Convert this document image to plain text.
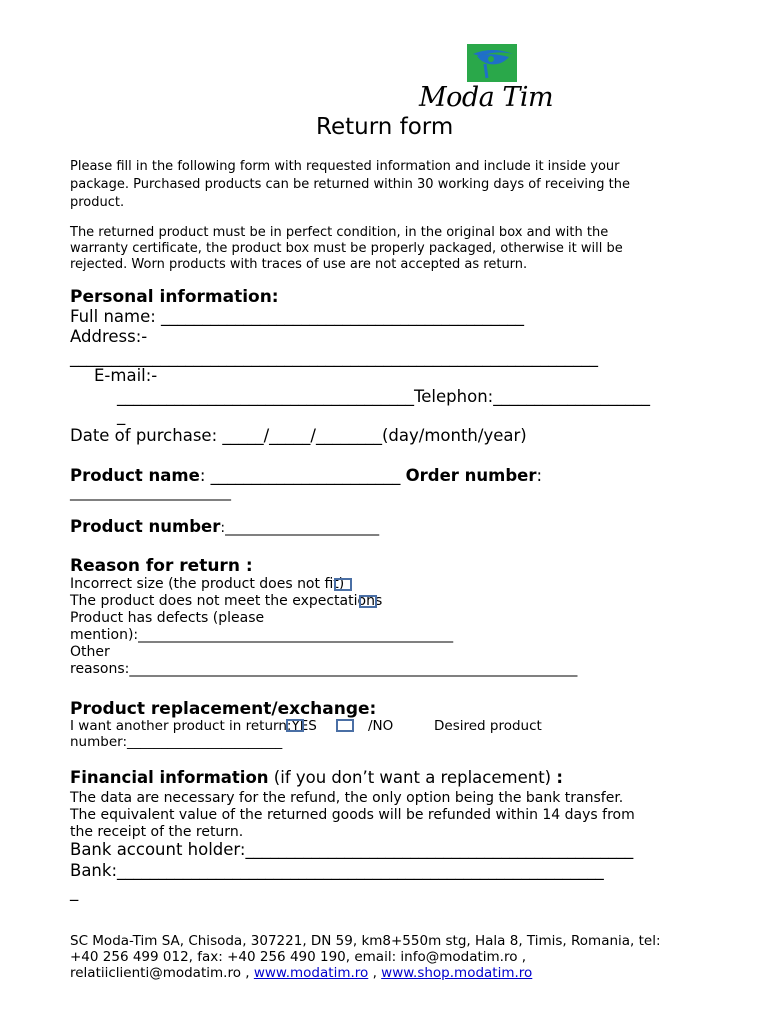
Moda Tim
Return form
Please fill in the following form with requested information and include it inside your
package. Purchased products can be returned within 30 working days of receiving the
product.
The returned product must be in perfect condition, in the original box and with the
warranty certificate, the product box must be properly packaged, otherwise it will be
rejected. Worn products with traces of use are not accepted as return.
Personal information:
Full name: ____________________________________________
Address:-
________________________________________________________________
E-mail:-
____________________________________Telephon:___________________
_
Date of purchase: _____/_____/________(day/month/year)
Product name: _______________________ Order number:
_______________________
Product number:______________________
Reason for return :
Incorrect size (the product does not fit)
The product does not meet the expectations
Product has defects (please
mention):_____________________________________________
Other
reasons:________________________________________________________________
Product replacement/exchange:
I want another product in return:YES	/NO	Desired product
number:_______________________
Financial information (if you don’t want a replacement) :
The data are necessary for the refund, the only option being the bank transfer.
The equivalent value of the returned goods will be refunded within 14 days from
the receipt of the return.
Bank account holder:_______________________________________________
Bank:___________________________________________________________
_
SC Moda-Tim SA, Chisoda, 307221, DN 59, km8+550m stg, Hala 8, Timis, Romania, tel:
+40 256 499 012, fax: +40 256 490 190, email: info@modatim.ro ,
relatiiclienti@modatim.ro , www.modatim.ro , www.shop.modatim.ro
